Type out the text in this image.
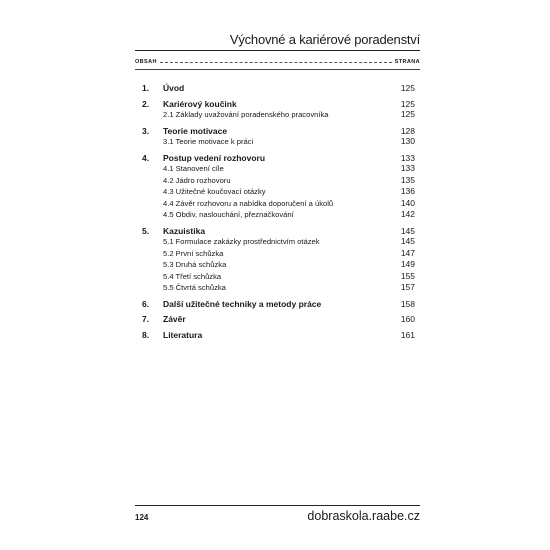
Výchovné a kariérové poradenství
OBSAH	STRANA
1.	Úvod	125
2.	Kariérový koučink	125
2.1 Základy uvažování poradenského pracovníka	125
3.	Teorie motivace	128
3.1 Teorie motivace k práci	130
4.	Postup vedení rozhovoru	133
4.1 Stanovení cíle	133
4.2 Jádro rozhovoru	135
4.3 Užitečné koučovací otázky	136
4.4 Závěr rozhovoru a nabídka doporučení a úkolů	140
4.5 Obdiv, naslouchání, přeznačkování	142
5.	Kazuistika	145
5.1 Formulace zakázky prostřednictvím otázek	145
5.2 První schůzka	147
5.3 Druhá schůzka	149
5.4 Třetí schůzka	155
5.5 Čtvrtá schůzka	157
6.	Další užitečné techniky a metody práce	158
7.	Závěr	160
8.	Literatura	161
124	dobraskola.raabe.cz
